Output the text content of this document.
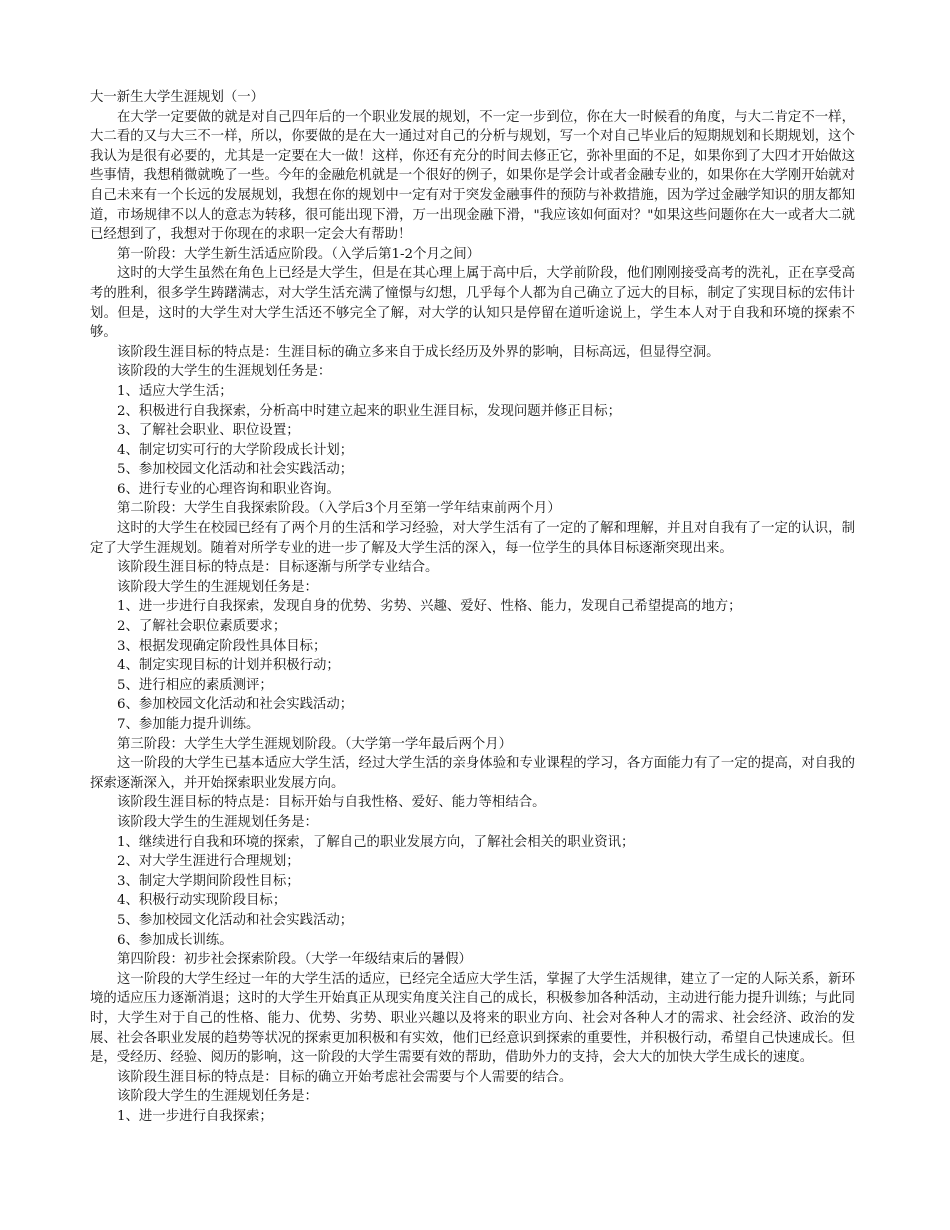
大一新生大学生涯规划（一）
在大学一定要做的就是对自己四年后的一个职业发展的规划，不一定一步到位，你在大一时候看的角度，与大二肯定不一样，大二看的又与大三不一样，所以，你要做的是在大一通过对自己的分析与规划，写一个对自己毕业后的短期规划和长期规划，这个我认为是很有必要的，尤其是一定要在大一做！这样，你还有充分的时间去修正它，弥补里面的不足，如果你到了大四才开始做这些事情，我想稍微就晚了一些。今年的金融危机就是一个很好的例子，如果你是学会计或者金融专业的，如果你在大学刚开始就对自己未来有一个长远的发展规划，我想在你的规划中一定有对于突发金融事件的预防与补救措施，因为学过金融学知识的朋友都知道，市场规律不以人的意志为转移，很可能出现下滑，万一出现金融下滑，"我应该如何面对？"如果这些问题你在大一或者大二就已经想到了，我想对于你现在的求职一定会大有帮助！
第一阶段：大学生新生活适应阶段。（入学后第1-2个月之间）
这时的大学生虽然在角色上已经是大学生，但是在其心理上属于高中后，大学前阶段，他们刚刚接受高考的洗礼，正在享受高考的胜利，很多学生踌躇满志，对大学生活充满了憧憬与幻想，几乎每个人都为自己确立了远大的目标，制定了实现目标的宏伟计划。但是，这时的大学生对大学生活还不够完全了解，对大学的认知只是停留在道听途说上，学生本人对于自我和环境的探索不够。
该阶段生涯目标的特点是：生涯目标的确立多来自于成长经历及外界的影响，目标高远，但显得空洞。
该阶段的大学生的生涯规划任务是：
1、适应大学生活；
2、积极进行自我探索，分析高中时建立起来的职业生涯目标，发现问题并修正目标；
3、了解社会职业、职位设置；
4、制定切实可行的大学阶段成长计划；
5、参加校园文化活动和社会实践活动；
6、进行专业的心理咨询和职业咨询。
第二阶段：大学生自我探索阶段。（入学后3个月至第一学年结束前两个月）
这时的大学生在校园已经有了两个月的生活和学习经验，对大学生活有了一定的了解和理解，并且对自我有了一定的认识，制定了大学生涯规划。随着对所学专业的进一步了解及大学生活的深入，每一位学生的具体目标逐渐突现出来。
该阶段生涯目标的特点是：目标逐渐与所学专业结合。
该阶段大学生的生涯规划任务是：
1、进一步进行自我探索，发现自身的优势、劣势、兴趣、爱好、性格、能力，发现自己希望提高的地方；
2、了解社会职位素质要求；
3、根据发现确定阶段性具体目标；
4、制定实现目标的计划并积极行动；
5、进行相应的素质测评；
6、参加校园文化活动和社会实践活动；
7、参加能力提升训练。
第三阶段：大学生大学生涯规划阶段。（大学第一学年最后两个月）
这一阶段的大学生已基本适应大学生活，经过大学生活的亲身体验和专业课程的学习，各方面能力有了一定的提高，对自我的探索逐渐深入，并开始探索职业发展方向。
该阶段生涯目标的特点是：目标开始与自我性格、爱好、能力等相结合。
该阶段大学生的生涯规划任务是：
1、继续进行自我和环境的探索，了解自己的职业发展方向，了解社会相关的职业资讯；
2、对大学生涯进行合理规划；
3、制定大学期间阶段性目标；
4、积极行动实现阶段目标；
5、参加校园文化活动和社会实践活动；
6、参加成长训练。
第四阶段：初步社会探索阶段。（大学一年级结束后的暑假）
这一阶段的大学生经过一年的大学生活的适应，已经完全适应大学生活，掌握了大学生活规律，建立了一定的人际关系，新环境的适应压力逐渐消退；这时的大学生开始真正从现实角度关注自己的成长，积极参加各种活动，主动进行能力提升训练；与此同时，大学生对于自己的性格、能力、优势、劣势、职业兴趣以及将来的职业方向、社会对各种人才的需求、社会经济、政治的发展、社会各职业发展的趋势等状况的探索更加积极和有实效，他们已经意识到探索的重要性，并积极行动，希望自己快速成长。但是，受经历、经验、阅历的影响，这一阶段的大学生需要有效的帮助，借助外力的支持，会大大的加快大学生成长的速度。
该阶段生涯目标的特点是：目标的确立开始考虑社会需要与个人需要的结合。
该阶段大学生的生涯规划任务是：
1、进一步进行自我探索；
